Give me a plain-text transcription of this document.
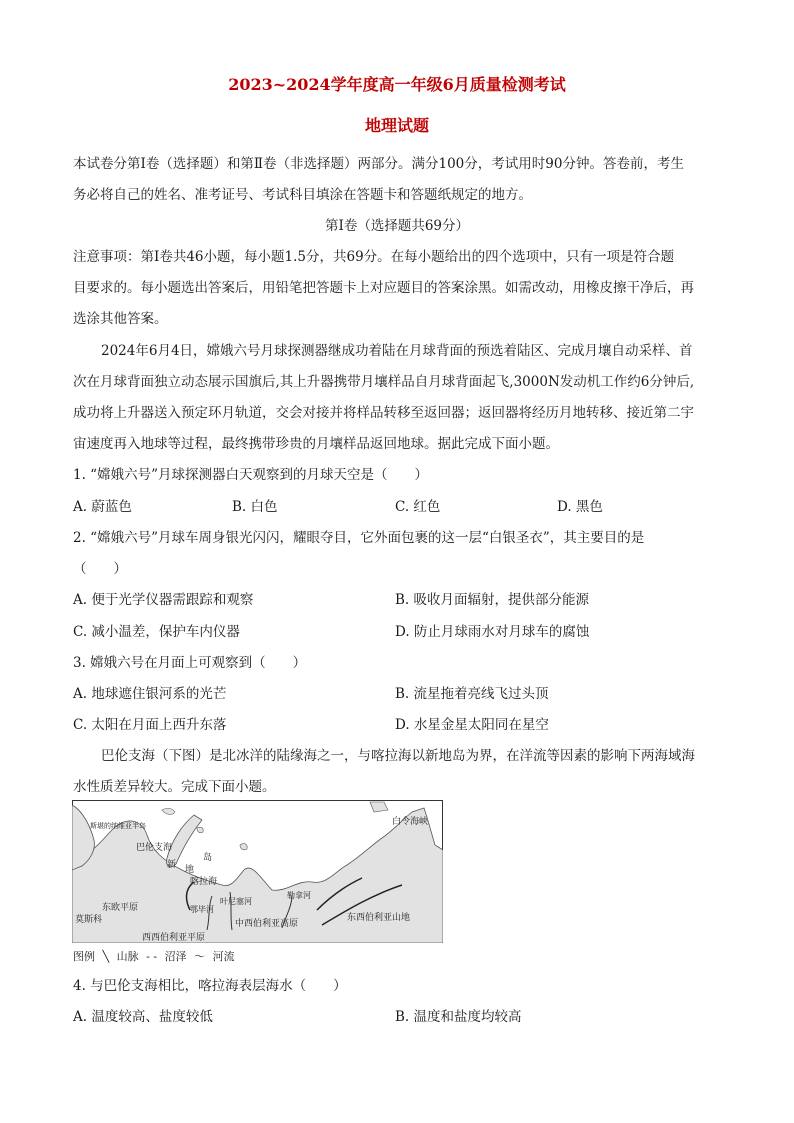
2023~2024学年度高一年级6月质量检测考试
地理试题
本试卷分第Ⅰ卷（选择题）和第Ⅱ卷（非选择题）两部分。满分100分，考试用时90分钟。答卷前，考生
务必将自己的姓名、准考证号、考试科目填涂在答题卡和答题纸规定的地方。
第Ⅰ卷（选择题共69分）
注意事项：第Ⅰ卷共46小题，每小题1.5分，共69分。在每小题给出的四个选项中，只有一项是符合题
目要求的。每小题选出答案后，用铅笔把答题卡上对应题目的答案涂黑。如需改动，用橡皮擦干净后，再
选涂其他答案。
2024年6月4日，嫦娥六号月球探测器继成功着陆在月球背面的预选着陆区、完成月壤自动采样、首
次在月球背面独立动态展示国旗后,其上升器携带月壤样品自月球背面起飞,3000N发动机工作约6分钟后,
成功将上升器送入预定环月轨道，交会对接并将样品转移至返回器；返回器将经历月地转移、接近第二宇
宙速度再入地球等过程，最终携带珍贵的月壤样品返回地球。据此完成下面小题。
1. “嫦娥六号”月球探测器白天观察到的月球天空是（　　）
A. 蔚蓝色	B. 白色	C. 红色	D. 黑色
2. “嫦娥六号”月球车周身银光闪闪，耀眼夺目，它外面包裹的这一层“白银圣衣”，其主要目的是
（　　）
A. 便于光学仪器需跟踪和观察	B. 吸收月面辐射，提供部分能源
C. 减小温差，保护车内仪器	D. 防止月球雨水对月球车的腐蚀
3. 嫦娥六号在月面上可观察到（　　）
A. 地球遮住银河系的光芒	B. 流星拖着亮线飞过头顶
C. 太阳在月面上西升东落	D. 水星金星太阳同在星空
巴伦支海（下图）是北冰洋的陆缘海之一，与喀拉海以新地岛为界，在洋流等因素的影响下两海域海
水性质差异较大。完成下面小题。
斯堪的纳维亚半岛
巴伦支海
新 地
岛
喀拉海
东欧平原
莫斯科
鄂毕河
叶尼塞河
勒拿河
西西伯利亚平原
中西伯利亚高原
东西伯利亚山地
白令海峡
图例 ╲ 山脉 - - 沼泽 〜 河流
4. 与巴伦支海相比，喀拉海表层海水（　　）
A. 温度较高、盐度较低	B. 温度和盐度均较高
